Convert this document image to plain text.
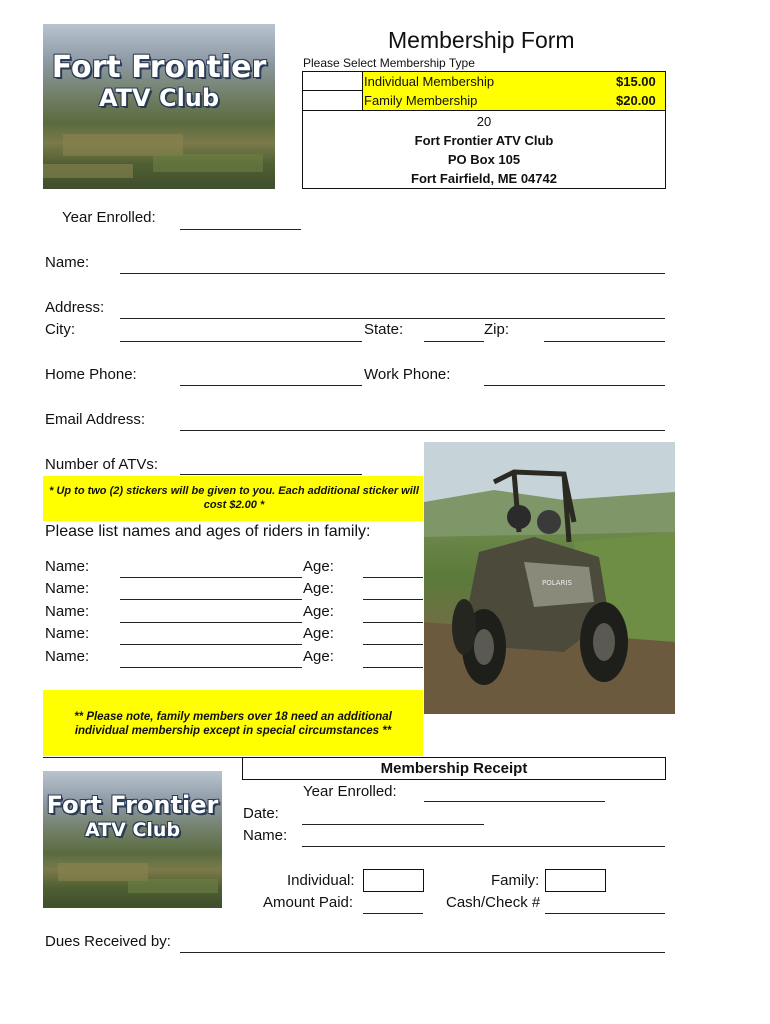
Fort Frontier
ATV Club
Membership Form
Please Select Membership Type
Individual Membership	$15.00
Family Membership	$20.00
20
Fort Frontier ATV Club
PO Box 105
Fort Fairfield, ME 04742
Year Enrolled:
Name:
Address:
City:	State:	Zip:
Home Phone:	Work Phone:
Email Address:
Number of ATVs:
* Up to two (2) stickers will be given to you. Each additional sticker will cost $2.00 *
Please list names and ages of riders in family:
Name:	Age:
Name:	Age:
Name:	Age:
Name:	Age:
Name:	Age:
** Please note, family members over 18 need an additional individual membership except in special circumstances **
POLARIS
Fort Frontier
ATV Club
Membership Receipt
Year Enrolled:
Date:
Name:
Individual:	Family:
Amount Paid:	Cash/Check #
Dues Received by:
